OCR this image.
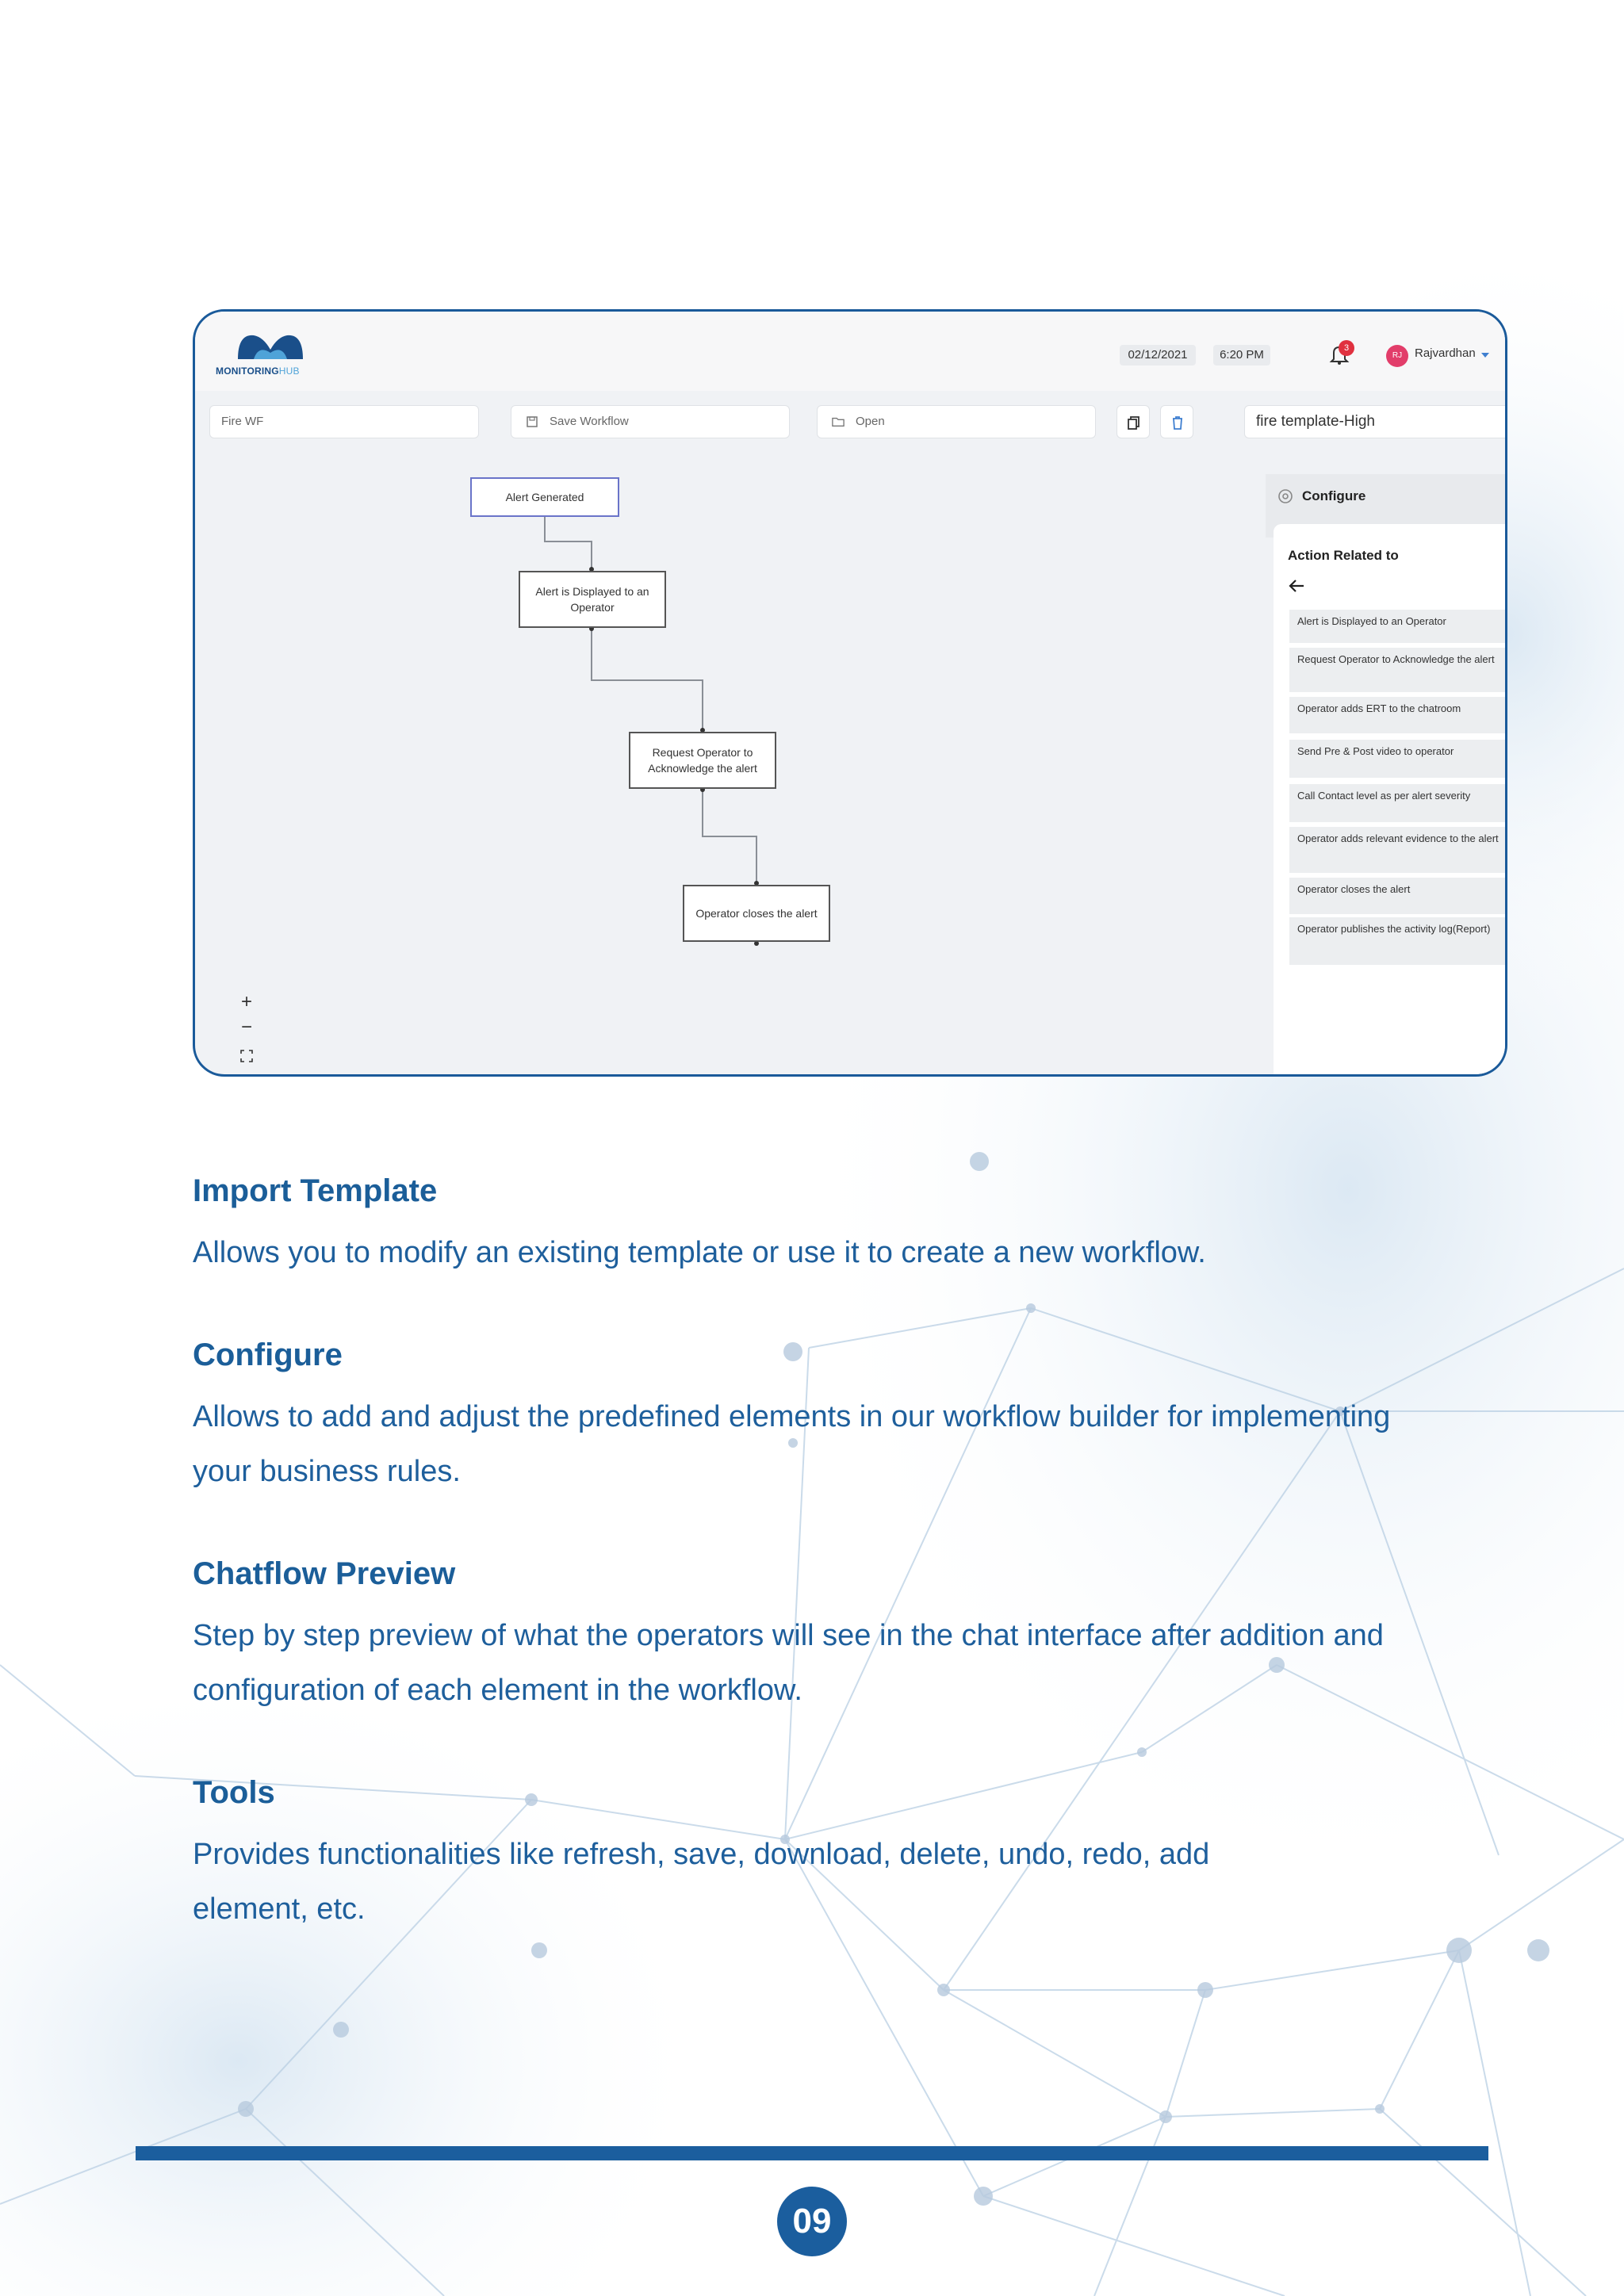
MONITORINGHUB
02/12/2021	6:20 PM	3
RJ	Rajvardhan
Fire WF	Save Workflow	Open	fire template-High
Alert Generated
Alert is Displayed to an Operator
Request Operator to Acknowledge the alert
Operator closes the alert
+
−
Configure
Action Related to
Alert is Displayed to an Operator
Request Operator to Acknowledge the alert
Operator adds ERT to the chatroom
Send Pre & Post video to operator
Call Contact level as per alert severity
Operator adds relevant evidence to the alert
Operator closes the alert
Operator publishes the activity log(Report)
Import Template
Allows you to modify an existing template or use it to create a new workflow.
Configure
Allows to add and adjust the predefined elements in our workflow builder for implementing your business rules.
Chatflow Preview
Step by step preview of what the operators will see in the chat interface after addition and configuration of each element in the workflow.
Tools
Provides functionalities like refresh, save, download, delete, undo, redo, add element, etc.
09
